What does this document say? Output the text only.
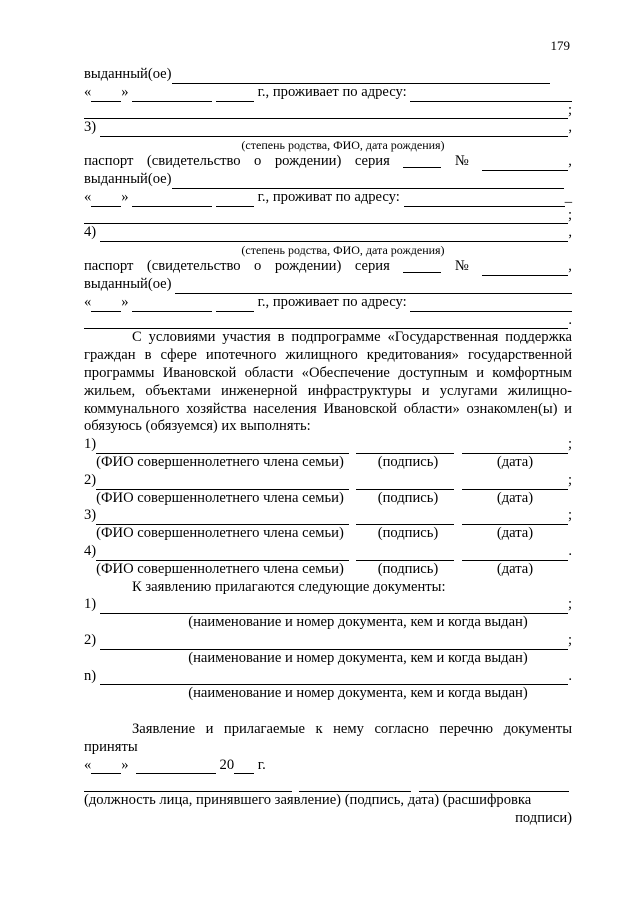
179
выданный(ое)
« »

	г., проживает по адресу:

;
3)
	,
(степень родства, ФИО, дата рождения)
паспорт (свидетельство о рождении) серия	№	,
выданный(ое)
« »

	г., проживат по адресу:
	_
;
4)
	,
(степень родства, ФИО, дата рождения)
паспорт (свидетельство о рождении) серия	№	,
выданный(ое)

« »

	г., проживает по адресу:

.
С условиями участия в подпрограмме «Государственная поддержка граждан в сфере ипотечного жилищного кредитования» государственной программы Ивановской области «Обеспечение доступным и комфортным жильем, объектами инженерной инфраструктуры и услугами жилищно-коммунального хозяйства населения Ивановской области» ознакомлен(ы) и обязуюсь (обязуемся) их выполнять:
1)

	;
(ФИО совершеннолетнего члена семьи)	(подпись)	(дата)
2)

	;
(ФИО совершеннолетнего члена семьи)	(подпись)	(дата)
3)

	;
(ФИО совершеннолетнего члена семьи)	(подпись)	(дата)
4)

	.
(ФИО совершеннолетнего члена семьи)	(подпись)	(дата)
К заявлению прилагаются следующие документы:
1)
	;
(наименование и номер документа, кем и когда выдан)
2)
	;
(наименование и номер документа, кем и когда выдан)
n)
	.
(наименование и номер документа, кем и когда выдан)
Заявление и прилагаемые к нему согласно перечню документы приняты
« »

	20
г.

(должность лица, принявшего заявление) (подпись, дата) (расшифровка
подписи)
